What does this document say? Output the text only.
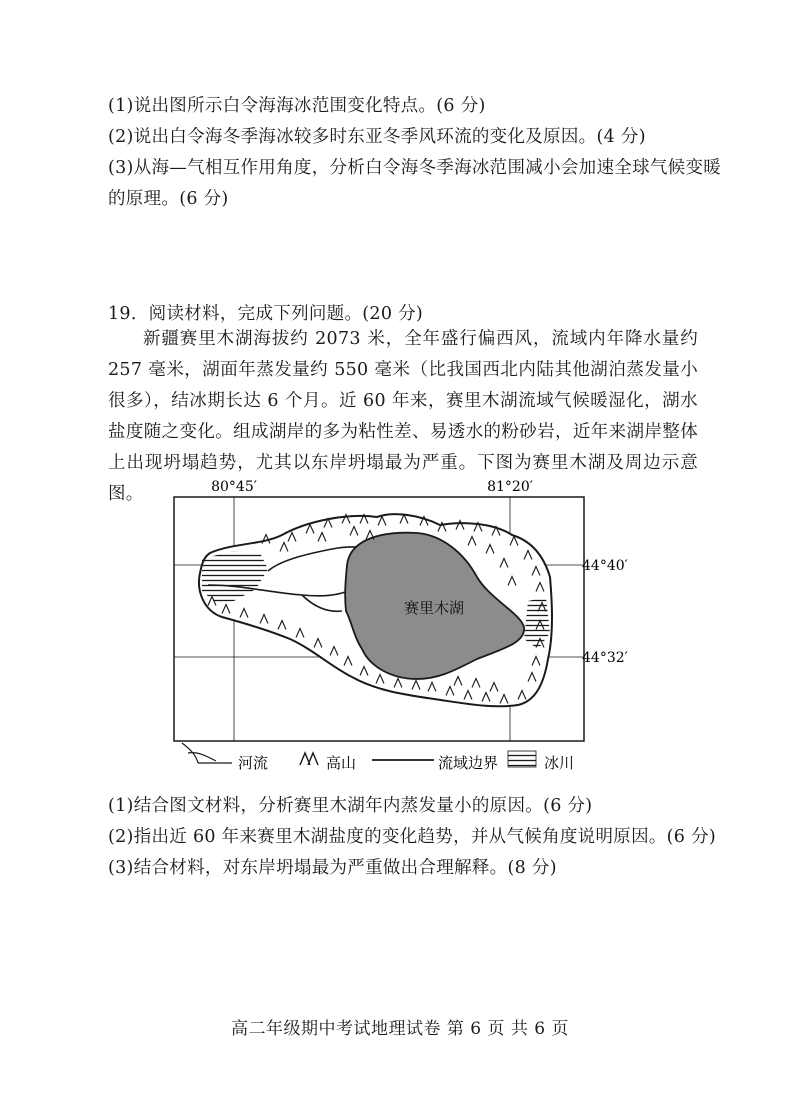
(1)说出图所示白令海海冰范围变化特点。(6 分)
(2)说出白令海冬季海冰较多时东亚冬季风环流的变化及原因。(4 分)
(3)从海—气相互作用角度，分析白令海冬季海冰范围减小会加速全球气候变暖
的原理。(6 分)
19．阅读材料，完成下列问题。(20 分)
新疆赛里木湖海拔约 2073 米，全年盛行偏西风，流域内年降水量约 257 毫米，湖面年蒸发量约 550 毫米（比我国西北内陆其他湖泊蒸发量小很多），结冰期长达 6 个月。近 60 年来，赛里木湖流域气候暖湿化，湖水盐度随之变化。组成湖岸的多为粘性差、易透水的粉砂岩，近年来湖岸整体上出现坍塌趋势，尤其以东岸坍塌最为严重。下图为赛里木湖及周边示意图。	80°45′	81°20′
44°40′
44°32′
赛里木湖
河流	高山	流域边界	冰川
(1)结合图文材料，分析赛里木湖年内蒸发量小的原因。(6 分)
(2)指出近 60 年来赛里木湖盐度的变化趋势，并从气候角度说明原因。(6 分)
(3)结合材料，对东岸坍塌最为严重做出合理解释。(8 分)
高二年级期中考试地理试卷 第 6 页 共 6 页
